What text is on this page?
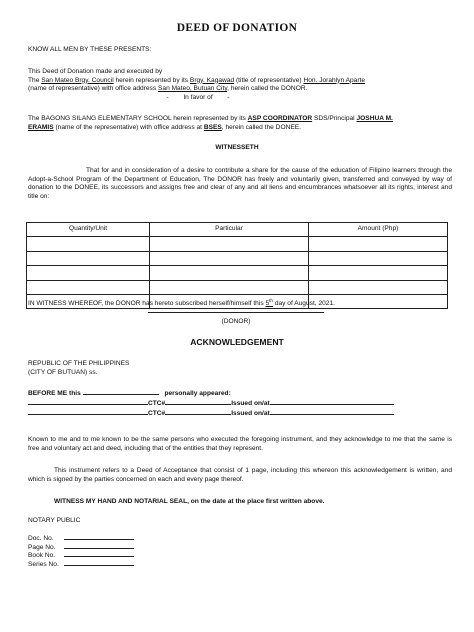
DEED OF DONATION
KNOW ALL MEN BY THESE PRESENTS:
This Deed of Donation made and executed by
The San Mateo Brgy. Council herein represented by its Brgy. Kagawad (title of representative) Hon. Jorahlyn Aparte
(name of representative) with office address San Mateo, Butuan City, herein called the DONOR.
-        In favor of        -
The BAGONG SILANG ELEMENTARY SCHOOL herein represented by its ASP COORDINATOR SDS/Principal JOSHUA M.
ERAMIS (name of the representative) with office address at BSES, herein called the DONEE.
WITNESSETH
That for and in consideration of a desire to contribute a share for the cause of the education of Filipino learners through the Adopt-a-School Program of the Department of Education, The DONOR has freely and voluntarily given, transferred and conveyed by way of donation to the DONEE, its successors and assigns free and clear of any and all liens and encumbrances whatsoever all its rights, interest and title on:
Quantity/Unit	Particular	Amount (Php)

IN WITNESS WHEREOF, the DONOR has hereto subscribed herself/himself this 5th day of August, 2021.
(DONOR)
ACKNOWLEDGEMENT
REPUBLIC OF THE PHILIPPINES
(CITY OF BUTUAN) ss.
BEFORE ME this	personally appeared:
CTC#	Issued on/at
CTC#	Issued on/at
Known to me and to me known to be the same persons who executed the foregoing instrument, and they acknowledge to me that the same is free and voluntary act and deed, including that of the entities that they represent.
This instrument refers to a Deed of Acceptance that consist of 1 page, including this whereon this acknowledgement is written, and which is signed by the parties concerned on each and every page thereof.
WITNESS MY HAND AND NOTARIAL SEAL, on the date at the place first written above.
NOTARY PUBLIC
Doc. No.
Page No.
Book No.
Series No.
